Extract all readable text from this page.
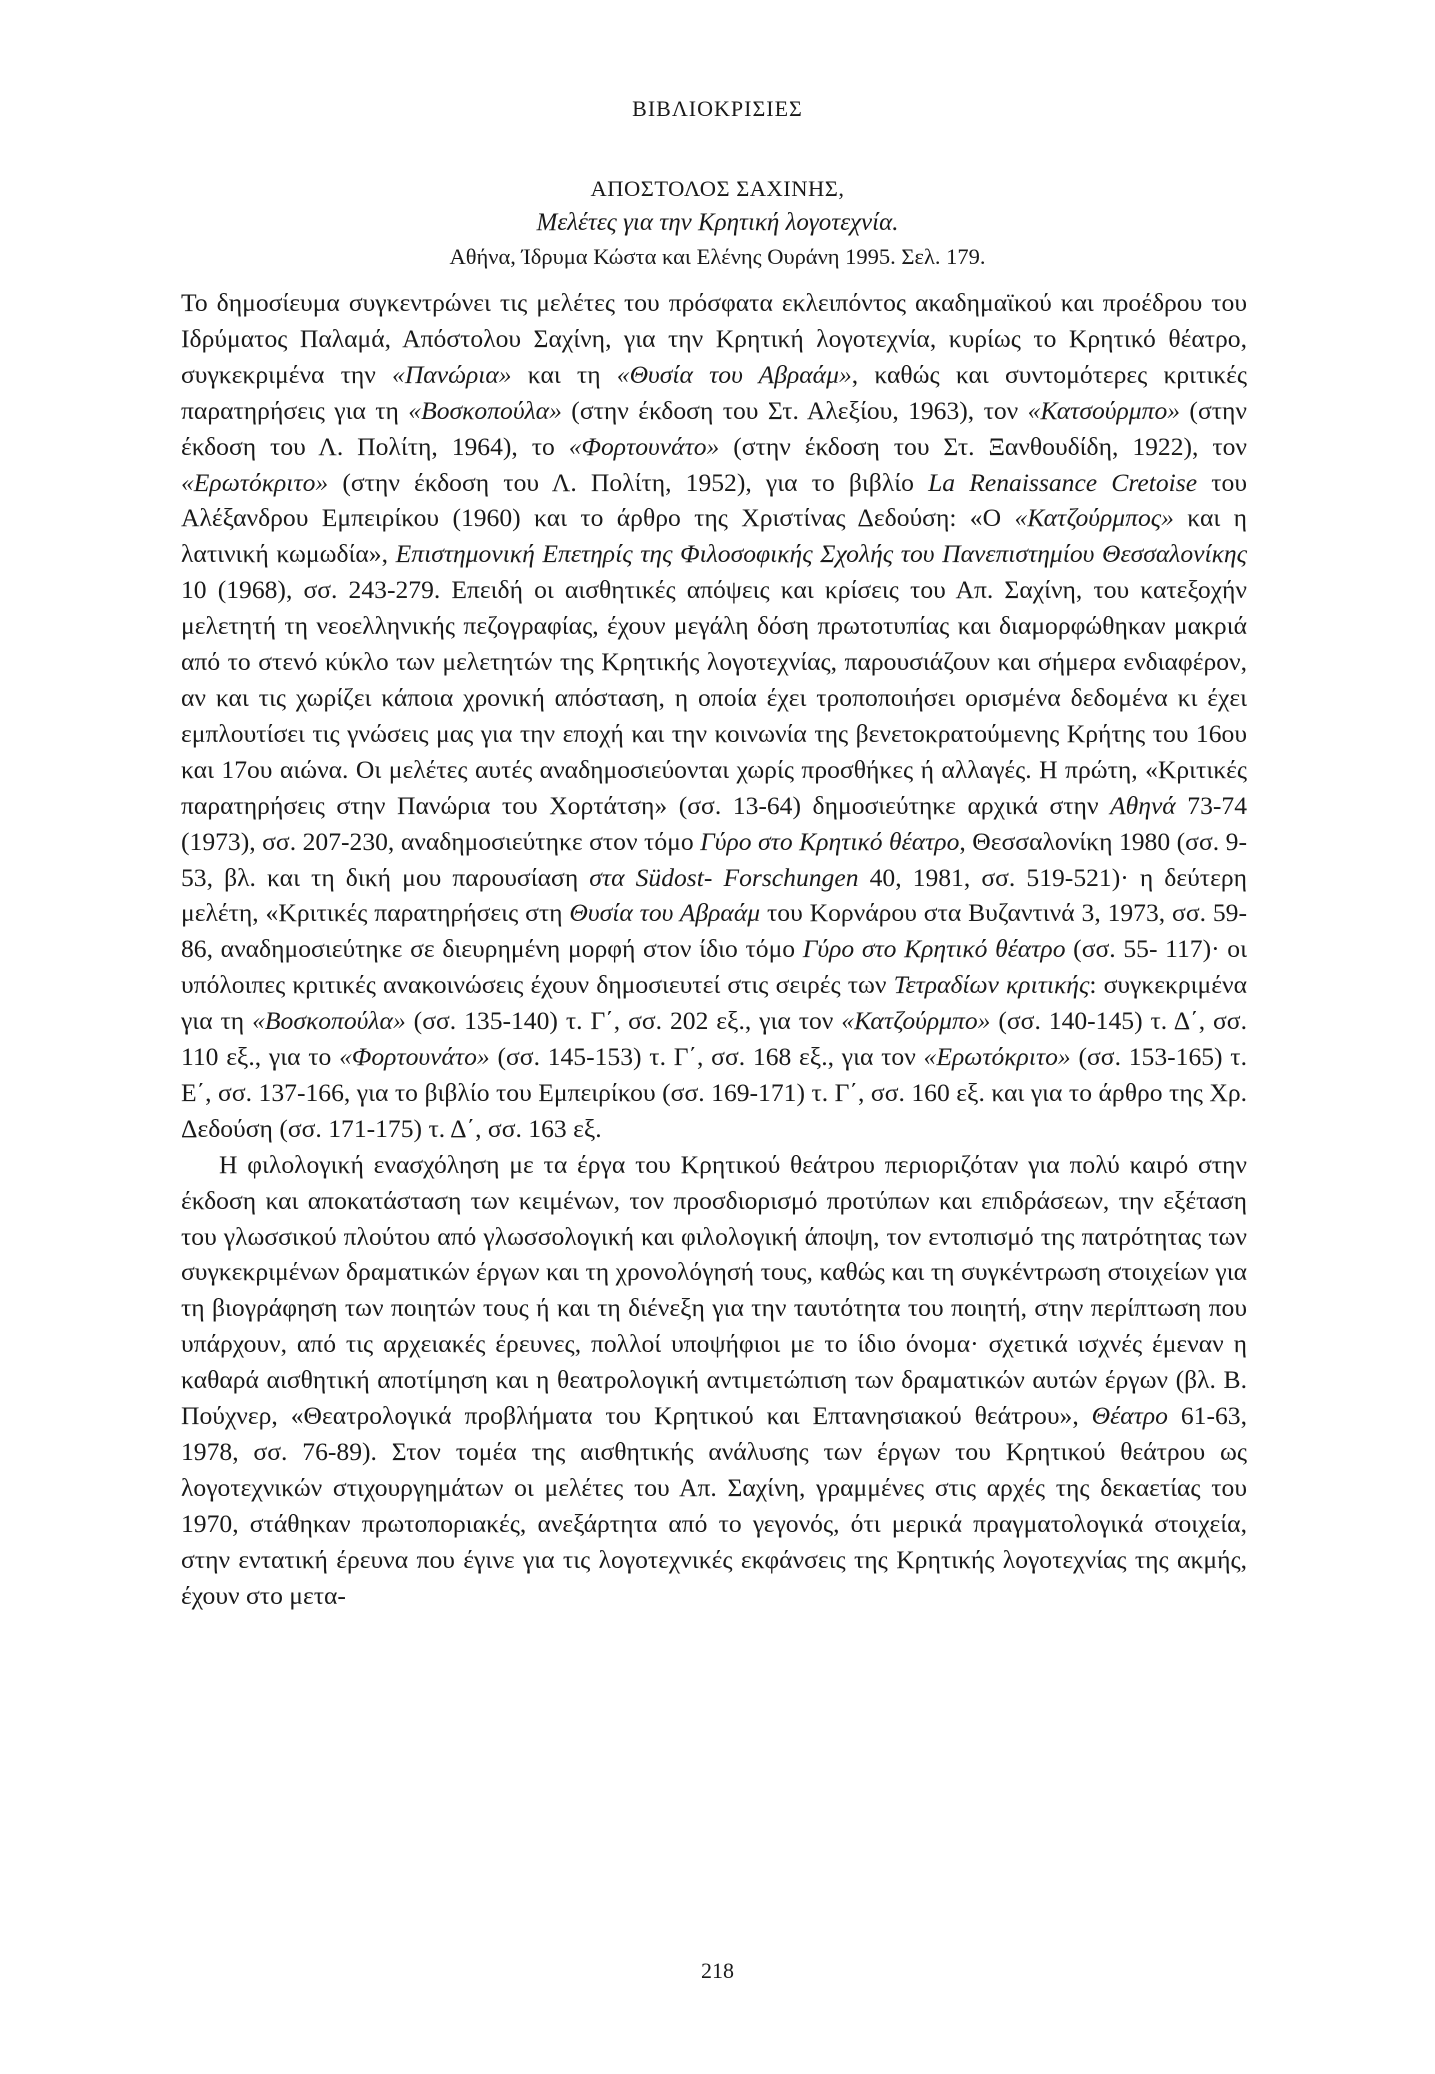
ΒΙΒΛΙΟΚΡΙΣΙΕΣ
ΑΠΟΣΤΟΛΟΣ ΣΑΧΙΝΗΣ,
Μελέτες για την Κρητική λογοτεχνία.
Αθήνα, Ίδρυμα Κώστα και Ελένης Ουράνη 1995. Σελ. 179.

Το δημοσίευμα συγκεντρώνει τις μελέτες του πρόσφατα εκλειπόντος ακαδημαϊκού και προέδρου του Ιδρύματος Παλαμά, Απόστολου Σαχίνη, για την Κρητική λογοτεχνία, κυρίως το Κρητικό θέατρο, συγκεκριμένα την «Πανώρια» και τη «Θυσία του Αβραάμ», καθώς και συντομότερες κριτικές παρατηρήσεις για τη «Βοσκοπούλα» (στην έκδοση του Στ. Αλεξίου, 1963), τον «Κατσούρμπο» (στην έκδοση του Λ. Πολίτη, 1964), το «Φορτουνάτο» (στην έκδοση του Στ. Ξανθουδίδη, 1922), τον «Ερωτόκριτο» (στην έκδοση του Λ. Πολίτη, 1952), για το βιβλίο La Renaissance Cretoise του Αλέξανδρου Εμπειρίκου (1960) και το άρθρο της Χριστίνας Δεδούση: «Ο «Κατζούρμπος» και η λατινική κωμωδία», Επιστημονική Επετηρίς της Φιλοσοφικής Σχολής του Πανεπιστημίου Θεσσαλονίκης 10 (1968), σσ. 243-279. Επειδή οι αισθητικές απόψεις και κρίσεις του Απ. Σαχίνη, του κατεξοχήν μελετητή τη νεοελληνικής πεζογραφίας, έχουν μεγάλη δόση πρωτοτυπίας και διαμορφώθηκαν μακριά από το στενό κύκλο των μελετητών της Κρητικής λογοτεχνίας, παρουσιάζουν και σήμερα ενδιαφέρον, αν και τις χωρίζει κάποια χρονική απόσταση, η οποία έχει τροποποιήσει ορισμένα δεδομένα κι έχει εμπλουτίσει τις γνώσεις μας για την εποχή και την κοινωνία της βενετοκρατούμενης Κρήτης του 16ου και 17ου αιώνα. Οι μελέτες αυτές αναδημοσιεύονται χωρίς προσθήκες ή αλλαγές. Η πρώτη, «Κριτικές παρατηρήσεις στην Πανώρια του Χορτάτση» (σσ. 13-64) δημοσιεύτηκε αρχικά στην Αθηνά 73-74 (1973), σσ. 207-230, αναδημοσιεύτηκε στον τόμο Γύρο στο Κρητικό θέατρο, Θεσσαλονίκη 1980 (σσ. 9-53, βλ. και τη δική μου παρουσίαση στα Südost- Forschungen 40, 1981, σσ. 519-521)· η δεύτερη μελέτη, «Κριτικές παρατηρήσεις στη Θυσία του Αβραάμ του Κορνάρου στα Βυζαντινά 3, 1973, σσ. 59-86, αναδημοσιεύτηκε σε διευρημένη μορφή στον ίδιο τόμο Γύρο στο Κρητικό θέατρο (σσ. 55- 117)· οι υπόλοιπες κριτικές ανακοινώσεις έχουν δημοσιευτεί στις σειρές των Τετραδίων κριτικής: συγκεκριμένα για τη «Βοσκοπούλα» (σσ. 135-140) τ. Γ΄, σσ. 202 εξ., για τον «Κατζούρμπο» (σσ. 140-145) τ. Δ΄, σσ. 110 εξ., για το «Φορτουνάτο» (σσ. 145-153) τ. Γ΄, σσ. 168 εξ., για τον «Ερωτόκριτο» (σσ. 153-165) τ. Ε΄, σσ. 137-166, για το βιβλίο του Εμπειρίκου (σσ. 169-171) τ. Γ΄, σσ. 160 εξ. και για το άρθρο της Χρ. Δεδούση (σσ. 171-175) τ. Δ΄, σσ. 163 εξ.

Η φιλολογική ενασχόληση με τα έργα του Κρητικού θεάτρου περιοριζόταν για πολύ καιρό στην έκδοση και αποκατάσταση των κειμένων, τον προσδιορισμό προτύπων και επιδράσεων, την εξέταση του γλωσσικού πλούτου από γλωσσολογική και φιλολογική άποψη, τον εντοπισμό της πατρότητας των συγκεκριμένων δραματικών έργων και τη χρονολόγησή τους, καθώς και τη συγκέντρωση στοιχείων για τη βιογράφηση των ποιητών τους ή και τη διένεξη για την ταυτότητα του ποιητή, στην περίπτωση που υπάρχουν, από τις αρχειακές έρευνες, πολλοί υποψήφιοι με το ίδιο όνομα· σχετικά ισχνές έμεναν η καθαρά αισθητική αποτίμηση και η θεατρολογική αντιμετώπιση των δραματικών αυτών έργων (βλ. Β. Πούχνερ, «Θεατρολογικά προβλήματα του Κρητικού και Επτανησιακού θεάτρου», Θέατρο 61-63, 1978, σσ. 76-89). Στον τομέα της αισθητικής ανάλυσης των έργων του Κρητικού θεάτρου ως λογοτεχνικών στιχουργημάτων οι μελέτες του Απ. Σαχίνη, γραμμένες στις αρχές της δεκαετίας του 1970, στάθηκαν πρωτοποριακές, ανεξάρτητα από το γεγονός, ότι μερικά πραγματολογικά στοιχεία, στην εντατική έρευνα που έγινε για τις λογοτεχνικές εκφάνσεις της Κρητικής λογοτεχνίας της ακμής, έχουν στο μετα-

218
